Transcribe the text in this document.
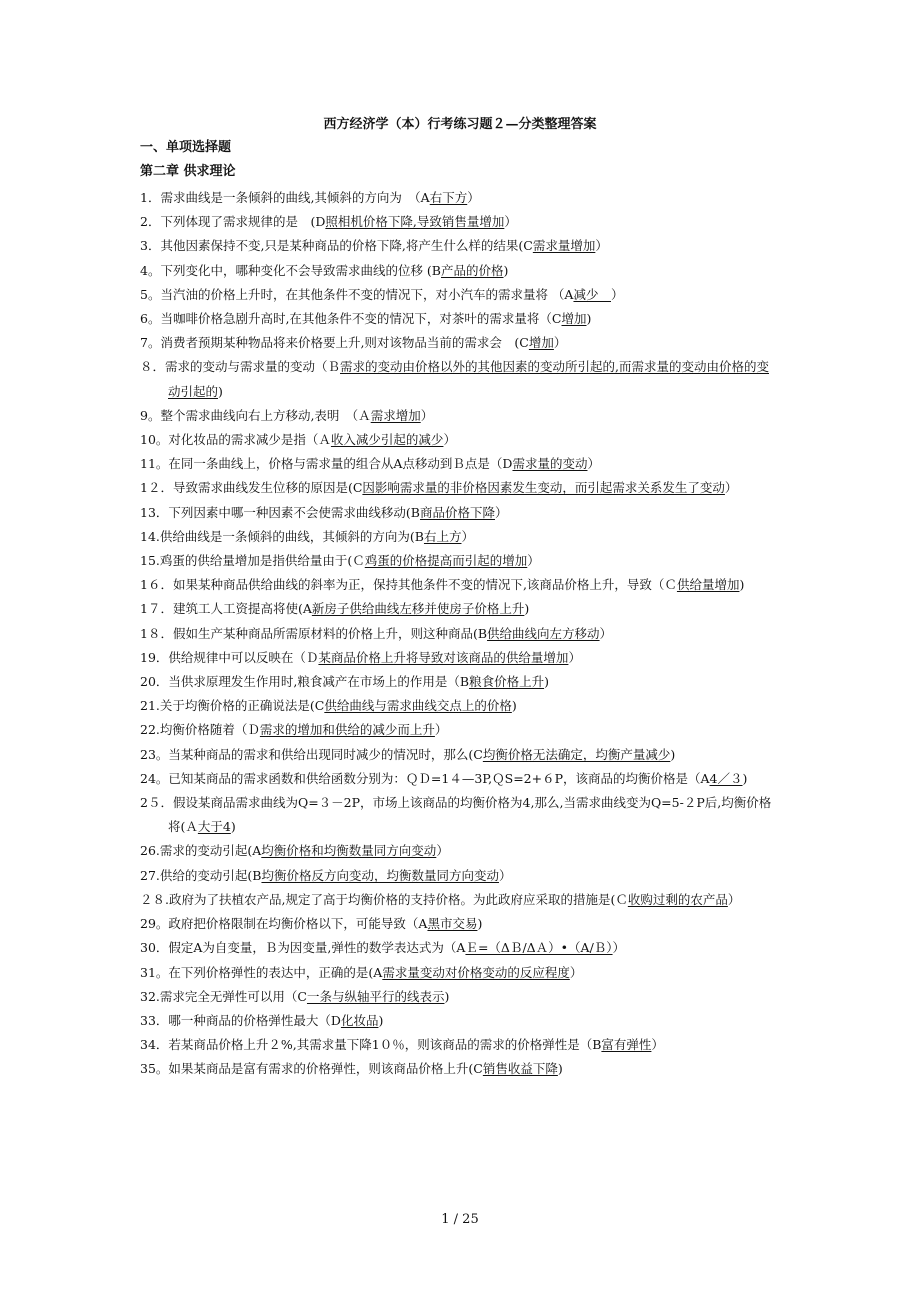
西方经济学（本）行考练习题２—分类整理答案
一、单项选择题
第二章 供求理论
1．需求曲线是一条倾斜的曲线,其倾斜的方向为　（A右下方）
2．下列体现了需求规律的是　(D照相机价格下降,导致销售量增加）
3．其他因素保持不变,只是某种商品的价格下降,将产生什么样的结果(C需求量增加）
4。下列变化中，哪种变化不会导致需求曲线的位移 (B产品的价格)
5。当汽油的价格上升时，在其他条件不变的情况下，对小汽车的需求量将 （A减少　）
6。当咖啡价格急剧升高时,在其他条件不变的情况下，对茶叶的需求量将（C增加)
7。消费者预期某种物品将来价格要上升,则对该物品当前的需求会　(C增加）
８．需求的变动与需求量的变动（Ｂ需求的变动由价格以外的其他因素的变动所引起的,而需求量的变动由价格的变动引起的)
9。整个需求曲线向右上方移动,表明　（Ａ需求增加）
10。对化妆品的需求减少是指（Ａ收入减少引起的减少）
11。在同一条曲线上，价格与需求量的组合从A点移动到Ｂ点是（D需求量的变动）
1２．导致需求曲线发生位移的原因是(C因影响需求量的非价格因素发生变动，而引起需求关系发生了变动）
13．下列因素中哪一种因素不会使需求曲线移动(B商品价格下降）
14.供给曲线是一条倾斜的曲线，其倾斜的方向为(B右上方）
15.鸡蛋的供给量增加是指供给量由于(Ｃ鸡蛋的价格提高而引起的增加）
1６．如果某种商品供给曲线的斜率为正，保持其他条件不变的情况下,该商品价格上升，导致（Ｃ供给量增加)
1７．建筑工人工资提高将使(A新房子供给曲线左移并使房子价格上升)
1８．假如生产某种商品所需原材料的价格上升，则这种商品(B供给曲线向左方移动）
19．供给规律中可以反映在（Ｄ某商品价格上升将导致对该商品的供给量增加）
20．当供求原理发生作用时,粮食减产在市场上的作用是（B粮食价格上升)
21.关于均衡价格的正确说法是(C供给曲线与需求曲线交点上的价格)
22.均衡价格随着（Ｄ需求的增加和供给的减少而上升）
23。当某种商品的需求和供给出现同时减少的情况时，那么(C均衡价格无法确定，均衡产量减少)
24。已知某商品的需求函数和供给函数分别为：ＱＤ=1４—3P,ＱS=2+６P，该商品的均衡价格是（A4／３)
2５．假设某商品需求曲线为Q=３－2P，市场上该商品的均衡价格为4,那么,当需求曲线变为Q=5-２P后,均衡价格将(Ａ大于4)
26.需求的变动引起(A均衡价格和均衡数量同方向变动）
27.供给的变动引起(B均衡价格反方向变动，均衡数量同方向变动）
２８.政府为了扶植农产品,规定了高于均衡价格的支持价格。为此政府应采取的措施是(Ｃ收购过剩的农产品）
29。政府把价格限制在均衡价格以下，可能导致（A黑市交易)
30．假定A为自变量，Ｂ为因变量,弹性的数学表达式为（AＥ=（ΔＢ/ΔＡ）•（A/Ｂ））
31。在下列价格弹性的表达中，正确的是(A需求量变动对价格变动的反应程度）
32.需求完全无弹性可以用（C一条与纵轴平行的线表示)
33．哪一种商品的价格弹性最大（D化妆品)
34．若某商品价格上升２%,其需求量下降1０％，则该商品的需求的价格弹性是（B富有弹性）
35。如果某商品是富有需求的价格弹性，则该商品价格上升(C销售收益下降)
1 / 25
